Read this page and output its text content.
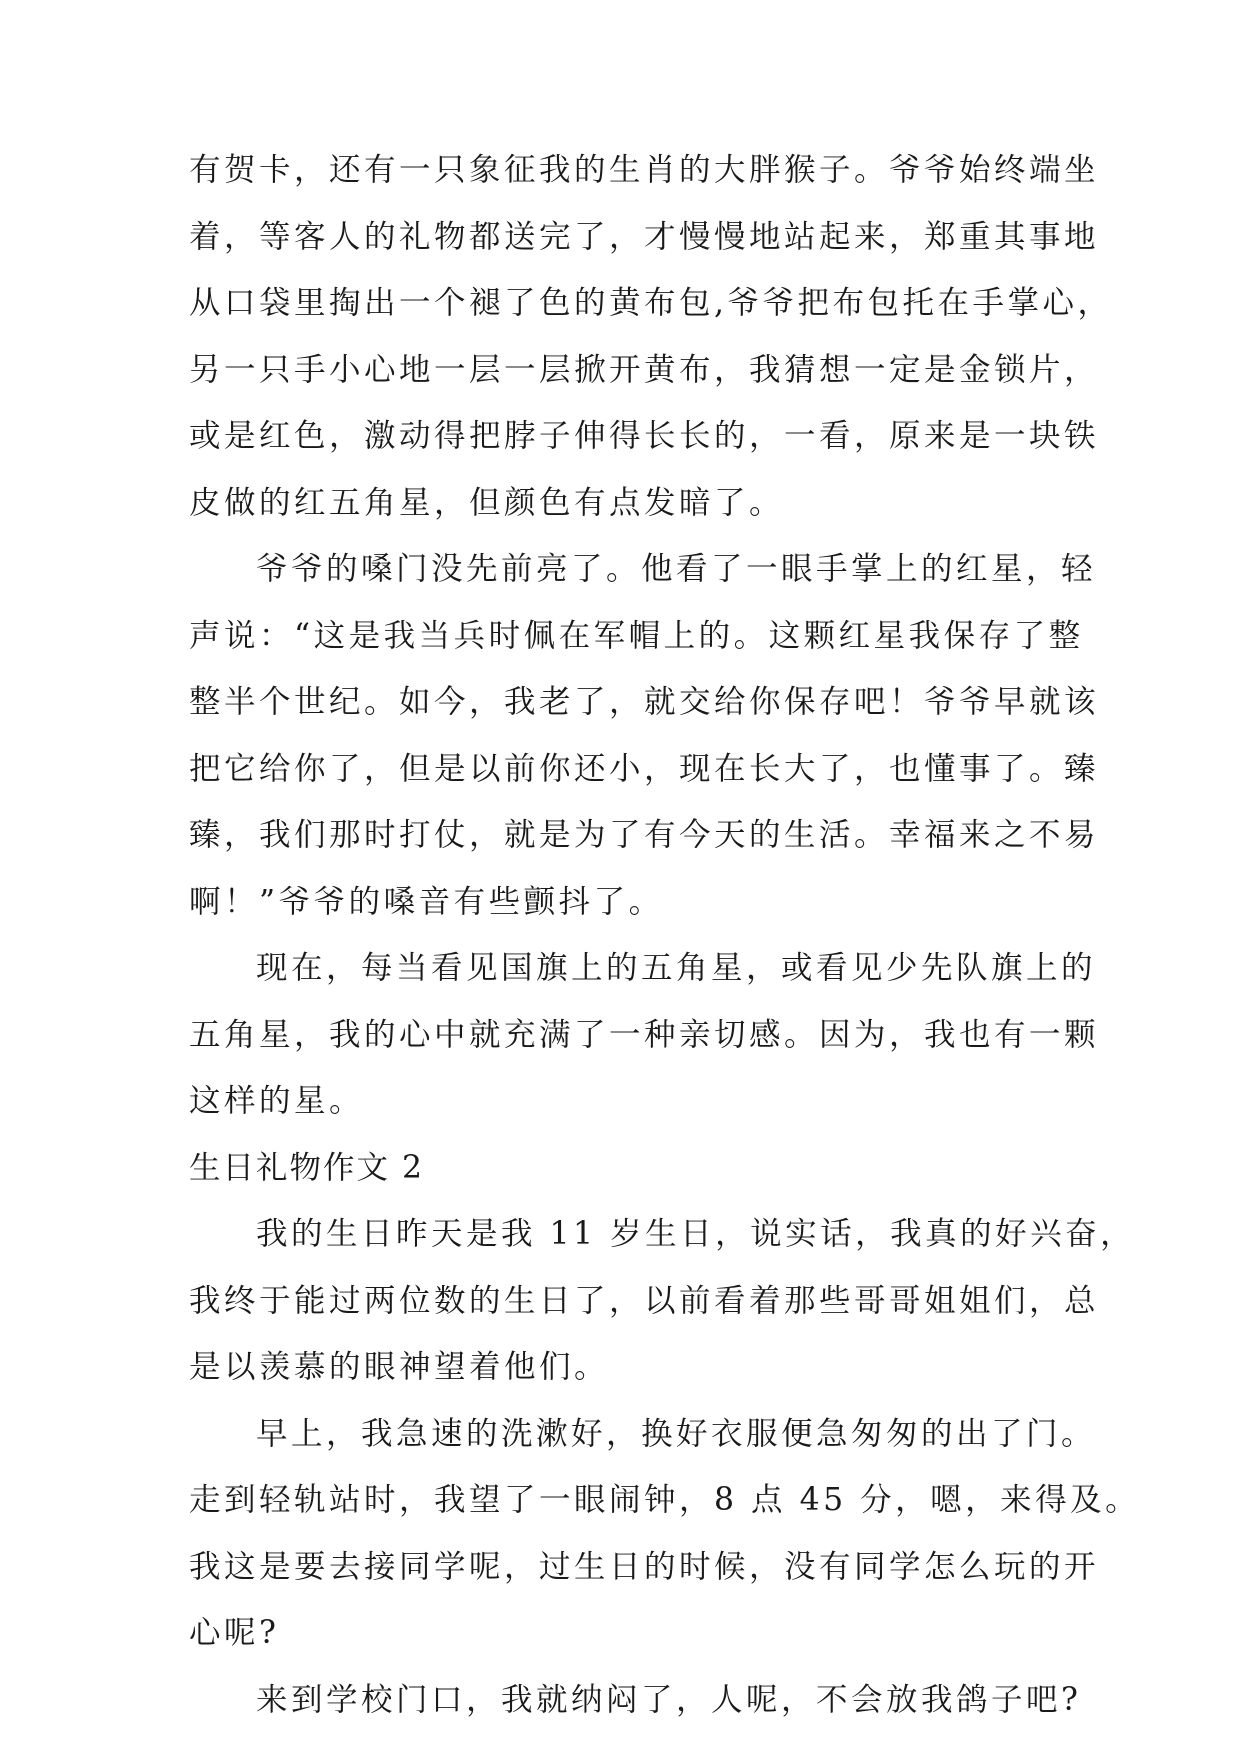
有贺卡，还有一只象征我的生肖的大胖猴子。爷爷始终端坐
着，等客人的礼物都送完了，才慢慢地站起来，郑重其事地
从口袋里掏出一个褪了色的黄布包,爷爷把布包托在手掌心，
另一只手小心地一层一层掀开黄布，我猜想一定是金锁片，
或是红色，激动得把脖子伸得长长的，一看，原来是一块铁
皮做的红五角星，但颜色有点发暗了。
爷爷的嗓门没先前亮了。他看了一眼手掌上的红星，轻
声说：“这是我当兵时佩在军帽上的。这颗红星我保存了整
整半个世纪。如今，我老了，就交给你保存吧！爷爷早就该
把它给你了，但是以前你还小，现在长大了，也懂事了。臻
臻，我们那时打仗，就是为了有今天的生活。幸福来之不易
啊！”爷爷的嗓音有些颤抖了。
现在，每当看见国旗上的五角星，或看见少先队旗上的
五角星，我的心中就充满了一种亲切感。因为，我也有一颗
这样的星。
生日礼物作文 2
我的生日昨天是我 11 岁生日，说实话，我真的好兴奋，
我终于能过两位数的生日了，以前看着那些哥哥姐姐们，总
是以羡慕的眼神望着他们。
早上，我急速的洗漱好，换好衣服便急匆匆的出了门。
走到轻轨站时，我望了一眼闹钟，8 点 45 分，嗯，来得及。
我这是要去接同学呢，过生日的时候，没有同学怎么玩的开
心呢?
来到学校门口，我就纳闷了，人呢，不会放我鸽子吧?
